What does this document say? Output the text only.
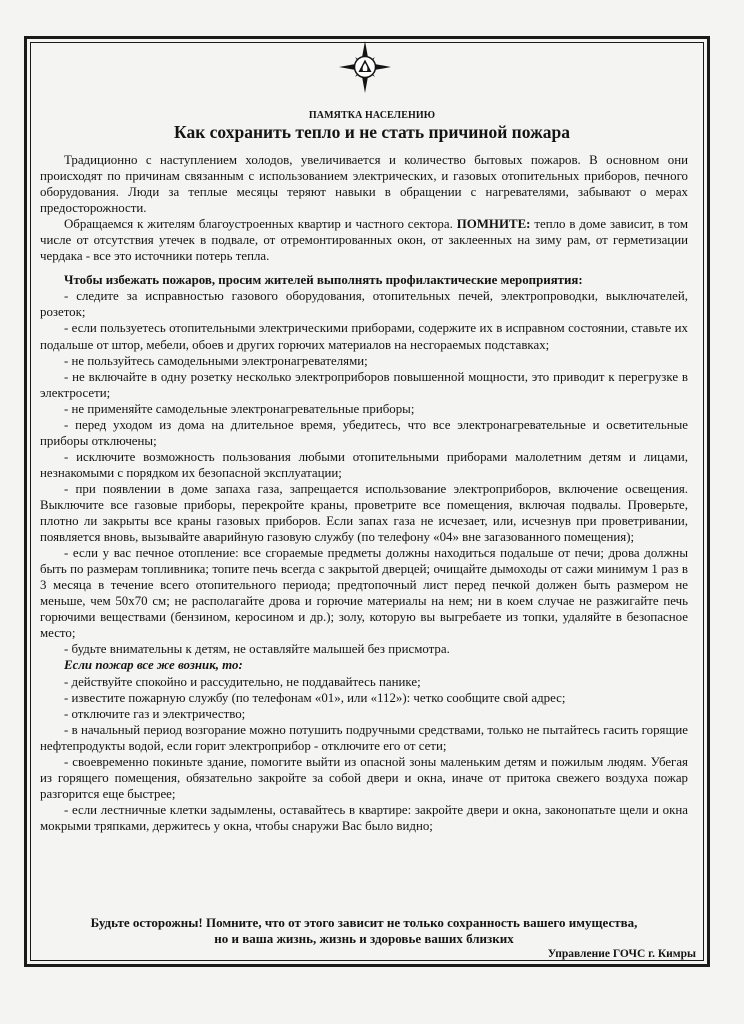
ПАМЯТКА НАСЕЛЕНИЮ
Как сохранить тепло и не стать причиной пожара

Традиционно с наступлением холодов, увеличивается и количество бытовых пожаров. В основном они происходят по причинам связанным с использованием электрических, и газовых отопительных приборов, печного оборудования. Люди за теплые месяцы теряют навыки в обращении с нагревателями, забывают о мерах предосторожности.

Обращаемся к жителям благоустроенных квартир и частного сектора. ПОМНИТЕ: тепло в доме зависит, в том числе от отсутствия утечек в подвале, от отремонтированных окон, от заклеенных на зиму рам, от герметизации чердака - все это источники потерь тепла.

Чтобы избежать пожаров, просим жителей выполнять профилактические мероприятия:

- следите за исправностью газового оборудования, отопительных печей, электропроводки, выключателей, розеток;

- если пользуетесь отопительными электрическими приборами, содержите их в исправном состоянии, ставьте их подальше от штор, мебели, обоев и других горючих материалов на несгораемых подставках;

- не пользуйтесь самодельными электронагревателями;

- не включайте в одну розетку несколько электроприборов повышенной мощности, это приводит к перегрузке в электросети;

- не применяйте самодельные электронагревательные приборы;

- перед уходом из дома на длительное время, убедитесь, что все электронагревательные и осветительные приборы отключены;

- исключите возможность пользования любыми отопительными приборами малолетним детям и лицами, незнакомыми с порядком их безопасной эксплуатации;

- при появлении в доме запаха газа, запрещается использование электроприборов, включение освещения. Выключите все газовые приборы, перекройте краны, проветрите все помещения, включая подвалы. Проверьте, плотно ли закрыты все краны газовых приборов. Если запах газа не исчезает, или, исчезнув при проветривании, появляется вновь, вызывайте аварийную газовую службу (по телефону «04» вне загазованного помещения);

- если у вас печное отопление: все сгораемые предметы должны находиться подальше от печи; дрова должны быть по размерам топливника; топите печь всегда с закрытой дверцей; очищайте дымоходы от сажи минимум 1 раз в 3 месяца в течение всего отопительного периода; предтопочный лист перед печкой должен быть размером не меньше, чем 50х70 см; не располагайте дрова и горючие материалы на нем; ни в коем случае не разжигайте печь горючими веществами (бензином, керосином и др.); золу, которую вы выгребаете из топки, удаляйте в безопасное место;

- будьте внимательны к детям, не оставляйте малышей без присмотра.

Если пожар все же возник, то:

- действуйте спокойно и рассудительно, не поддавайтесь панике;

- известите пожарную службу (по телефонам «01», или «112»): четко сообщите свой адрес;

- отключите газ и электричество;

- в начальный период возгорание можно потушить подручными средствами, только не пытайтесь гасить горящие нефтепродукты водой, если горит электроприбор - отключите его от сети;

- своевременно покиньте здание, помогите выйти из опасной зоны маленьким детям и пожилым людям. Убегая из горящего помещения, обязательно закройте за собой двери и окна, иначе от притока свежего воздуха пожар разгорится еще быстрее;

- если лестничные клетки задымлены, оставайтесь в квартире: закройте двери и окна, законопатьте щели и окна мокрыми тряпками, держитесь у окна, чтобы снаружи Вас было видно;

Будьте осторожны! Помните, что от этого зависит не только сохранность вашего имущества,
но и ваша жизнь, жизнь и здоровье ваших близких
Управление ГОЧС г. Кимры
